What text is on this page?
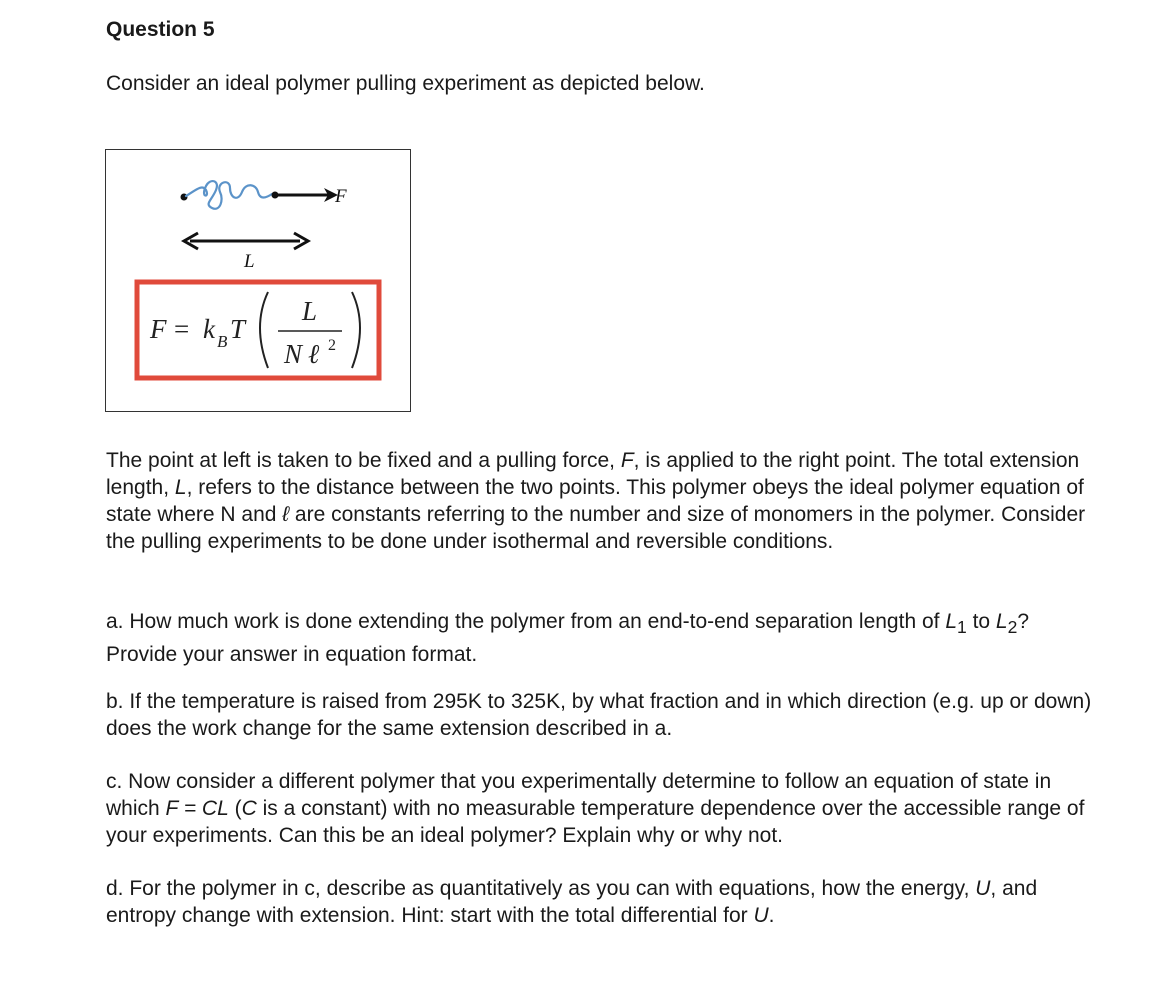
Question 5
Consider an ideal polymer pulling experiment as depicted below.
F
L
F = k B T
L
N ℓ 2

The point at left is taken to be fixed and a pulling force, F, is applied to the right point. The total extension length, L, refers to the distance between the two points. This polymer obeys the ideal polymer equation of state where N and ℓ are constants referring to the number and size of monomers in the polymer. Consider the pulling experiments to be done under isothermal and reversible conditions.

a. How much work is done extending the polymer from an end-to-end separation length of $L_1$ to $L_2$? Provide your answer in equation format.

b. If the temperature is raised from 295K to 325K, by what fraction and in which direction (e.g. up or down) does the work change for the same extension described in a.

c. Now consider a different polymer that you experimentally determine to follow an equation of state in which F = CL (C is a constant) with no measurable temperature dependence over the accessible range of your experiments. Can this be an ideal polymer? Explain why or why not.

d. For the polymer in c, describe as quantitatively as you can with equations, how the energy, U, and entropy change with extension. Hint: start with the total differential for U.
